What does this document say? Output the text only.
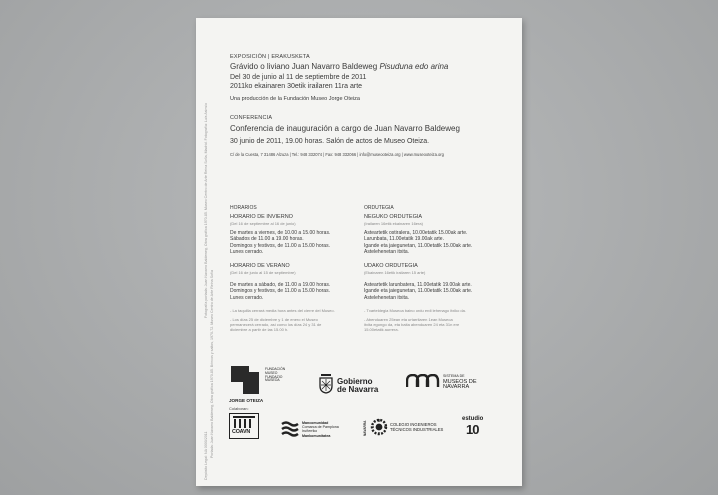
Fotografía portada: Juan Navarro Baldeweg, Obra gráfica 1970-85. Museo Centro de Arte Reina Sofía, Madrid. Fotografía: Luis Asinsio
Portada: Juan Navarro Baldeweg, Obra gráfica 1970-85. Brincos y saltos, 1970-72. Museo Centro de Arte Reina Sofía
Depósito Legal: NA 0000/2011
EXPOSICIÓN | ERAKUSKETA
Grávido o liviano Juan Navarro Baldeweg Pisuduna edo arina
Del 30 de junio al 11 de septiembre de 2011
2011ko ekainaren 30etik irailaren 11ra arte
Una producción de la Fundación Museo Jorge Oteiza
CONFERENCIA
Conferencia de inauguración a cargo de Juan Navarro Baldeweg
30 junio de 2011, 19.00 horas. Salón de actos de Museo Oteiza.
C/ de la Cuesta, 7 31486 Alzuza | Tel.: 948 332074 | Fax: 948 332066 | info@museooteiza.org | www.museooteiza.org
HORARIOS
HORARIO DE INVIERNO
(Del 16 de septiembre al 16 de junio)
De martes a viernes, de 10.00 a 15.00 horas.
Sábados de 11.00 a 19.00 horas.
Domingos y festivos, de 11.00 a 15.00 horas.
Lunes cerrado.
HORARIO DE VERANO
(Del 16 de junio al 15 de septiembre)
De martes a sábado, de 11.00 a 19.00 horas.
Domingos y festivos, de 11.00 a 15.00 horas.
Lunes cerrado.
- La taquilla cerrará media hora antes del cierre del Museo.
- Los días 25 de diciembre y 1 de enero el Museo
permanecerá cerrado, así como los días 24 y 31 de
diciembre a partir de las 15.00 h.
ORDUTEGIA
NEGUKO ORDUTEGIA
(Irailaren 16etik ekainaren 16era)
Asteartetik ostiralera, 10.00etatik 15.00ak arte.
Larunbata, 11.00etatik 19.00ak arte.
Igande eta jaiegunetan, 11.00etatik 15.00ak arte.
Astelehenetan itxita.
UDAKO ORDUTEGIA
(Ekainaren 16etik irailaren 15 arte)
Asteartetik larunbatera, 11.00etatik 19.00ak arte.
Igande eta jaiegunetan, 11.00etatik 15.00ak arte.
Astelehenetan itxita.
- Txarteldegia Museoa baino ordu erdi lehenago itxiko da.
- Abenduaren 25ean eta urtarrilaren 1ean Museoa
itxita egongo da, eta baita abenduaren 24 eta 31n ere
15.00etatik aurrera.
FUNDACIÓN
MUSEO
FUNDAZIO
MUSEOA
JORGE OTEIZA
Gobierno
de Navarra
SISTEMA DE
MUSEOS DE
NAVARRA
Colaboran:
COAVN
Mancomunidad
Comarca de Pamplona
Iruñerriko
Mankomunitatea	NAVARRA	COLEGIO INGENIEROS
TÉCNICOS INDUSTRIALES
estudio
10
